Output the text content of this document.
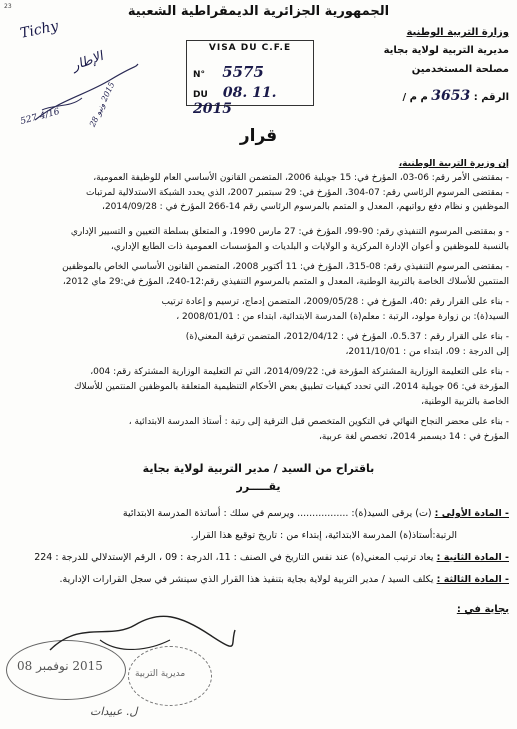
23	الجمهورية الجزائرية الديمقراطية الشعبية
وزارة التربية الوطنية
مديرية التربية لولاية بجاية
مصلحة المستخدمين
الرقم : 3653 م م /
VISA DU C.F.E
N° 5575
DU 08. 11. 2015
Tichy
الإطار
527 4/16	2015 ونيو 28
قرار
إن وزيرة التربية الوطنية،
- بمقتضى الأمر رقم: 06-03، المؤرخ في: 15 جويلية 2006، المتضمن القانون الأساسي العام للوظيفة العمومية،
- بمقتضى المرسوم الرئاسي رقم: 07-304، المؤرخ في: 29 سبتمبر 2007، الذي يحدد الشبكة الاستدلالية لمرتبات
الموظفين و نظام دفع رواتبهم، المعدل و المتمم بالمرسوم الرئاسي رقم 14-266 المؤرخ في : 2014/09/28،
- و بمقتضى المرسوم التنفيذي رقم: 90-99، المؤرخ في: 27 مارس 1990، و المتعلق بسلطة التعيين و التسيير الإداري
بالنسبة للموظفين و أعوان الإدارة المركزية و الولايات و البلديات و المؤسسات العمومية ذات الطابع الإداري،
- بمقتضى المرسوم التنفيذي رقم: 08-315، المؤرخ في: 11 أكتوبر 2008، المتضمن القانون الأساسي الخاص بالموظفين
المنتمين للأسلاك الخاصة بالتربية الوطنية، المعدل و المتمم بالمرسوم التنفيذي رقم:12-240، المؤرخ في:29 ماي 2012،
- بناء على القرار رقم :40، المؤرخ في : 2009/05/28، المتضمن إدماج، ترسيم و إعادة ترتيب
السيد(ة): بن زوارة مولود، الرتبة : معلم(ة) المدرسة الابتدائية، ابتداء من : 2008/01/01 ،
- بناء على القرار رقم : 0.5.37، المؤرخ في : 2012/04/12، المتضمن ترقية المعني(ة)
إلى الدرجة : 09، ابتداء من : 2011/10/01،
- بناء على التعليمة الوزارية المشتركة المؤرخة في: 2014/09/22، التي تم التعليمة الوزارية المشتركة رقم: 004،
المؤرخة في: 06 جويلية 2014، التي تحدد كيفيات تطبيق بعض الأحكام التنظيمية المتعلقة بالموظفين المنتمين للأسلاك
الخاصة بالتربية الوطنية،
- بناء على محضر النجاح النهائي في التكوين المتخصص قبل الترقية إلى رتبة : أستاذ المدرسة الابتدائية ،
المؤرخ في : 14 ديسمبر 2014، تخصص لغة عربية،
باقتراح من السيد / مدير التربية لولاية بجاية
يقـــــرر
- المادة الأولى : (ت) يرقى السيد(ة): ................. ويرسم في سلك : أساتذة المدرسة الابتدائية
الرتبة:أستاذ(ة) المدرسة الابتدائية، إبتداء من : تاريخ توقيع هذا القرار.
- المادة الثانية : يعاد ترتيب المعني(ة) عند نفس التاريخ في الصنف : 11، الدرجة : 09 ، الرقم الإستدلالي للدرجة : 224
- المادة الثالثة : يكلف السيد / مدير التربية لولاية بجاية بتنفيذ هذا القرار الذي سينشر في سجل القرارات الإدارية.
بجاية في :
2015 نوفمبر 08
مديرية التربية
ل. عبيدات
